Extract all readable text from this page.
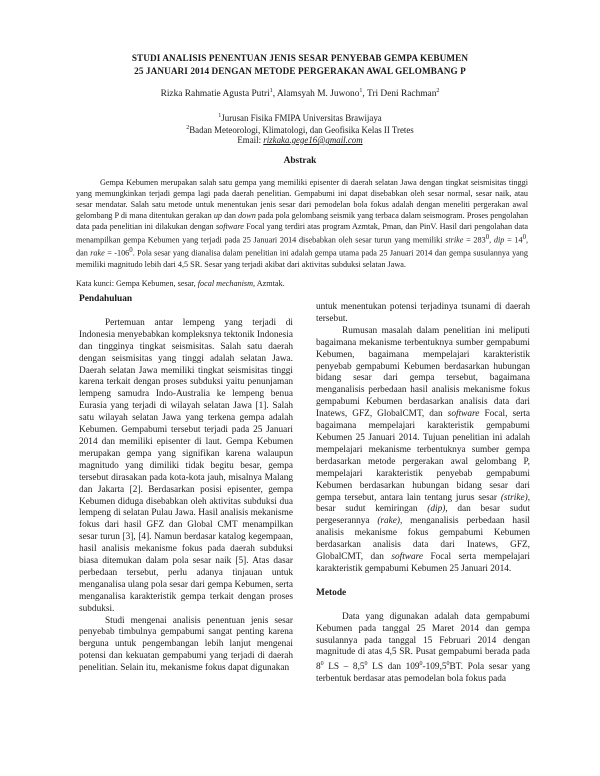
STUDI ANALISIS PENENTUAN JENIS SESAR PENYEBAB GEMPA KEBUMEN
25 JANUARI 2014 DENGAN METODE PERGERAKAN AWAL GELOMBANG P
Rizka Rahmatie Agusta Putri$^1$, Alamsyah M. Juwono$^1$, Tri Deni Rachman$^2$
$^1$Jurusan Fisika FMIPA Universitas Brawijaya
$^2$Badan Meteorologi, Klimatologi, dan Geofisika Kelas II Tretes
Email: rizkaka.gege16@gmail.com
Abstrak

Gempa Kebumen merupakan salah satu gempa yang memiliki episenter di daerah selatan Jawa dengan tingkat seismisitas tinggi yang memungkinkan terjadi gempa lagi pada daerah penelitian. Gempabumi ini dapat disebabkan oleh sesar normal, sesar naik, atau sesar mendatar. Salah satu metode untuk menentukan jenis sesar dari pemodelan bola fokus adalah dengan meneliti pergerakan awal gelombang P di mana ditentukan gerakan up dan down pada pola gelombang seismik yang terbaca dalam seismogram. Proses pengolahan data pada penelitian ini dilakukan dengan software Focal yang terdiri atas program Azmtak, Pman, dan PinV. Hasil dari pengolahan data menampilkan gempa Kebumen yang terjadi pada 25 Januari 2014 disebabkan oleh sesar turun yang memiliki strike = $283^0$, dip = $14^0$, dan rake = $-106^0$. Pola sesar yang dianalisa dalam penelitian ini adalah gempa utama pada 25 Januari 2014 dan gempa susulannya yang memiliki magnitudo lebih dari 4,5 SR. Sesar yang terjadi akibat dari aktivitas subduksi selatan Jawa.

Kata kunci: Gempa Kebumen, sesar, focal mechanism, Azmtak.

Pendahuluan

Pertemuan antar lempeng yang terjadi di Indonesia menyebabkan kompleksnya tektonik Indonesia dan tingginya tingkat seismisitas. Salah satu daerah dengan seismisitas yang tinggi adalah selatan Jawa. Daerah selatan Jawa memiliki tingkat seismisitas tinggi karena terkait dengan proses subduksi yaitu penunjaman lempeng samudra Indo-Australia ke lempeng benua Eurasia yang terjadi di wilayah selatan Jawa [1]. Salah satu wilayah selatan Jawa yang terkena gempa adalah Kebumen. Gempabumi tersebut terjadi pada 25 Januari 2014 dan memiliki episenter di laut. Gempa Kebumen merupakan gempa yang signifikan karena walaupun magnitudo yang dimiliki tidak begitu besar, gempa tersebut dirasakan pada kota-kota jauh, misalnya Malang dan Jakarta [2]. Berdasarkan posisi episenter, gempa Kebumen diduga disebabkan oleh aktivitas subduksi dua lempeng di selatan Pulau Jawa. Hasil analisis mekanisme fokus dari hasil GFZ dan Global CMT menampilkan sesar turun [3], [4]. Namun berdasar katalog kegempaan, hasil analisis mekanisme fokus pada daerah subduksi biasa ditemukan dalam pola sesar naik [5]. Atas dasar perbedaan tersebut, perlu adanya tinjauan untuk menganalisa ulang pola sesar dari gempa Kebumen, serta menganalisa karakteristik gempa terkait dengan proses subduksi.

Studi mengenai analisis penentuan jenis sesar penyebab timbulnya gempabumi sangat penting karena berguna untuk pengembangan lebih lanjut mengenai potensi dan kekuatan gempabumi yang terjadi di daerah penelitian. Selain itu, mekanisme fokus dapat digunakan

untuk menentukan potensi terjadinya tsunami di daerah tersebut.

Rumusan masalah dalam penelitian ini meliputi bagaimana mekanisme terbentuknya sumber gempabumi Kebumen, bagaimana mempelajari karakteristik penyebab gempabumi Kebumen berdasarkan hubungan bidang sesar dari gempa tersebut, bagaimana menganalisis perbedaan hasil analisis mekanisme fokus gempabumi Kebumen berdasarkan analisis data dari Inatews, GFZ, GlobalCMT, dan software Focal, serta bagaimana mempelajari karakteristik gempabumi Kebumen 25 Januari 2014. Tujuan penelitian ini adalah mempelajari mekanisme terbentuknya sumber gempa berdasarkan metode pergerakan awal gelombang P, mempelajari karakteristik penyebab gempabumi Kebumen berdasarkan hubungan bidang sesar dari gempa tersebut, antara lain tentang jurus sesar (strike), besar sudut kemiringan (dip), dan besar sudut pergeserannya (rake), menganalisis perbedaan hasil analisis mekanisme fokus gempabumi Kebumen berdasarkan analisis data dari Inatews, GFZ, GlobalCMT, dan software Focal serta mempelajari karakteristik gempabumi Kebumen 25 Januari 2014.

Metode

Data yang digunakan adalah data gempabumi Kebumen pada tanggal 25 Maret 2014 dan gempa susulannya pada tanggal 15 Februari 2014 dengan magnitude di atas 4,5 SR. Pusat gempabumi berada pada $8^0$ LS – $8,5^0$ LS dan $109^0-109,5^0BT$. Pola sesar yang terbentuk berdasar atas pemodelan bola fokus pada
